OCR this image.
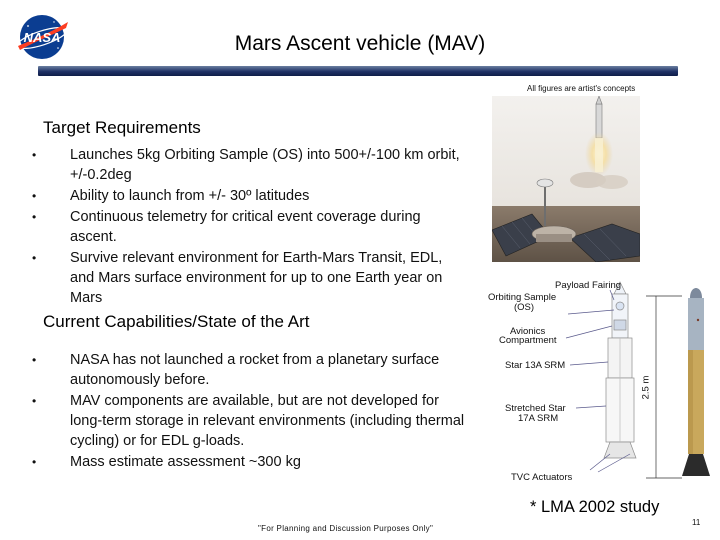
NASA	Mars Ascent vehicle (MAV)
All figures are artist's concepts
Target Requirements
• Launches 5kg Orbiting Sample (OS) into 500+/-100 km orbit, +/-0.2deg
• Ability to launch from +/- 30º latitudes
• Continuous telemetry for critical event coverage during ascent.
• Survive relevant environment for Earth-Mars Transit, EDL, and Mars surface environment for up to one Earth year on Mars
Current Capabilities/State of the Art
• NASA has not launched a rocket from a planetary surface autonomously before.
• MAV components are available, but are not developed for long-term storage in relevant environments (including thermal cycling) or for EDL g-loads.
• Mass estimate assessment ~300 kg
Payload Fairing
Orbiting Sample
(OS)
Avionics
Compartment
Star 13A SRM
Stretched Star
17A SRM
TVC Actuators
2.5 m
* LMA 2002 study
"For Planning and Discussion Purposes Only"
11
